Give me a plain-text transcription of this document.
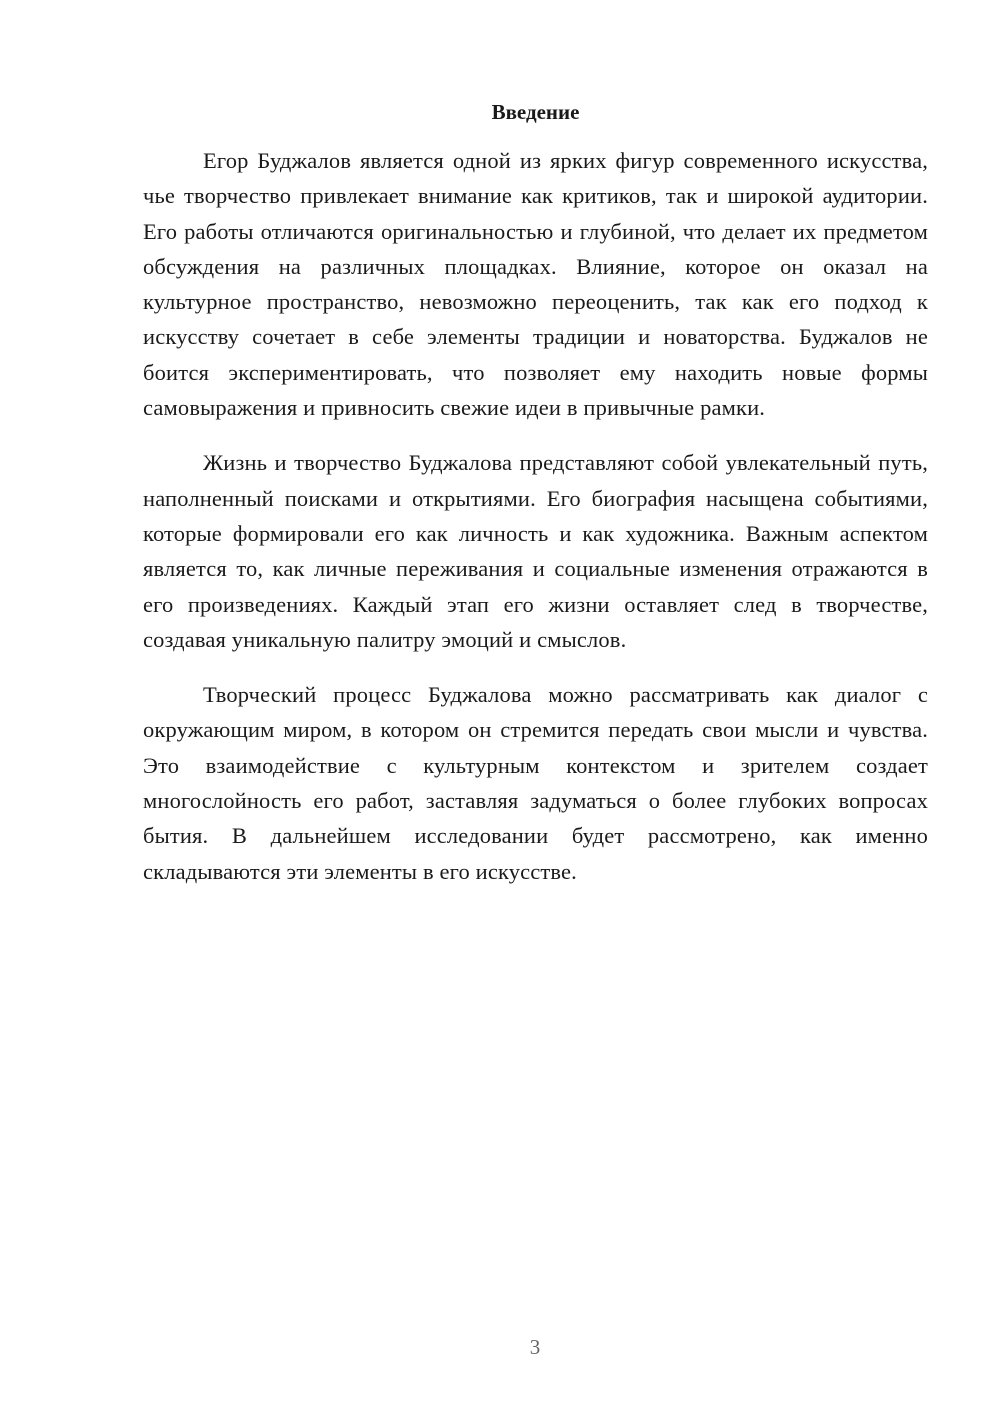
Введение

Егор Буджалов является одной из ярких фигур современного искусства, чье творчество привлекает внимание как критиков, так и широкой аудитории. Его работы отличаются оригинальностью и глубиной, что делает их предметом обсуждения на различных площадках. Влияние, которое он оказал на культурное пространство, невозможно переоценить, так как его подход к искусству сочетает в себе элементы традиции и новаторства. Буджалов не боится экспериментировать, что позволяет ему находить новые формы самовыражения и привносить свежие идеи в привычные рамки.

Жизнь и творчество Буджалова представляют собой увлекательный путь, наполненный поисками и открытиями. Его биография насыщена событиями, которые формировали его как личность и как художника. Важным аспектом является то, как личные переживания и социальные изменения отражаются в его произведениях. Каждый этап его жизни оставляет след в творчестве, создавая уникальную палитру эмоций и смыслов.

Творческий процесс Буджалова можно рассматривать как диалог с окружающим миром, в котором он стремится передать свои мысли и чувства. Это взаимодействие с культурным контекстом и зрителем создает многослойность его работ, заставляя задуматься о более глубоких вопросах бытия. В дальнейшем исследовании будет рассмотрено, как именно складываются эти элементы в его искусстве.

3
